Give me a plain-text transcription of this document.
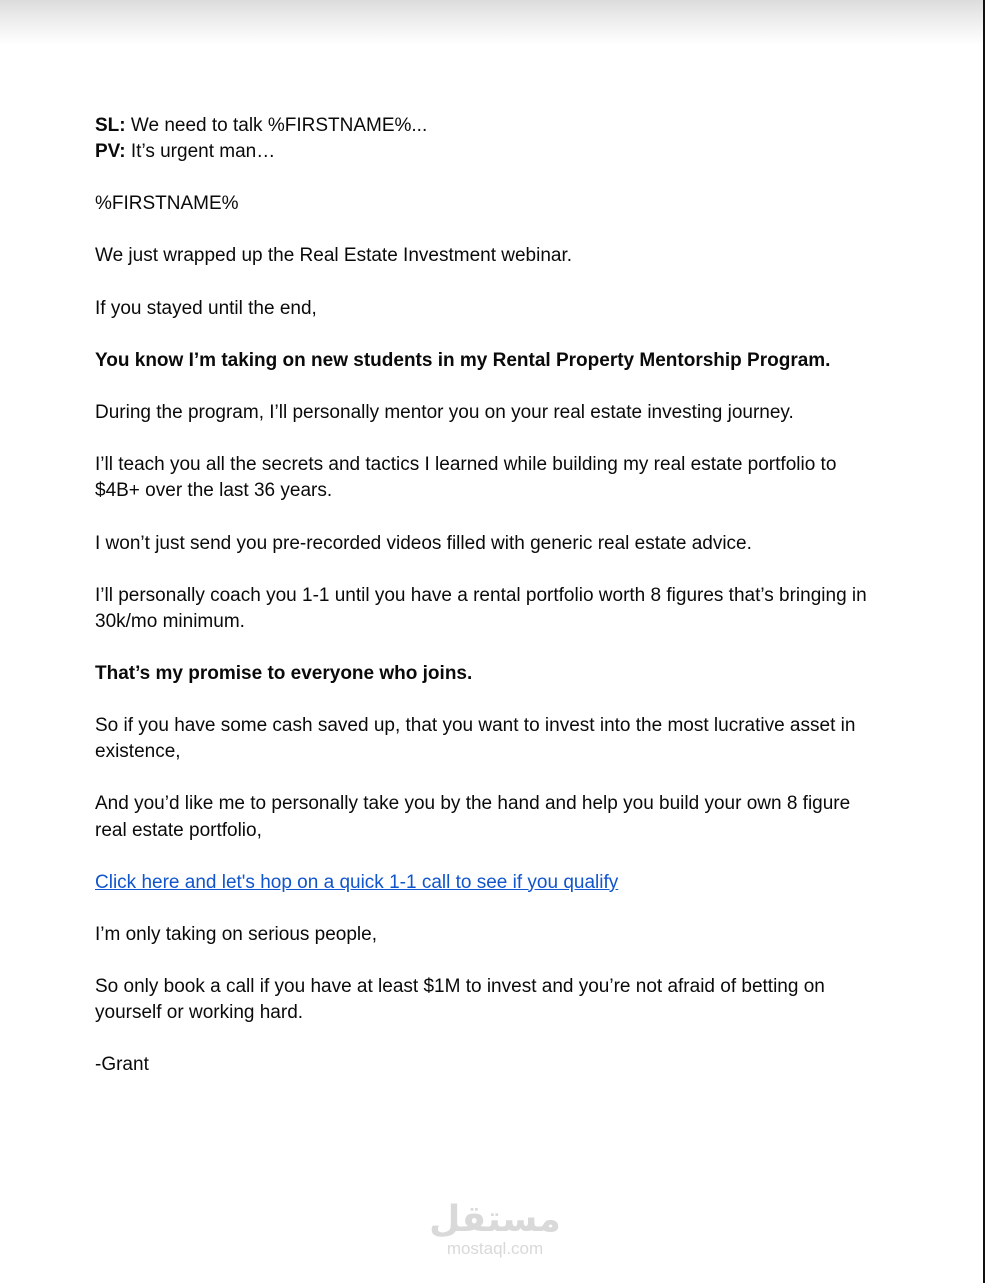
SL: We need to talk %FIRSTNAME%...

PV: It’s urgent man…

%FIRSTNAME%

We just wrapped up the Real Estate Investment webinar.

If you stayed until the end,

You know I’m taking on new students in my Rental Property Mentorship Program.

During the program, I’ll personally mentor you on your real estate investing journey.

I’ll teach you all the secrets and tactics I learned while building my real estate portfolio to $4B+ over the last 36 years.

I won’t just send you pre-recorded videos filled with generic real estate advice.

I’ll personally coach you 1-1 until you have a rental portfolio worth 8 figures that’s bringing in 30k/mo minimum.

That’s my promise to everyone who joins.

So if you have some cash saved up, that you want to invest into the most lucrative asset in existence,

And you’d like me to personally take you by the hand and help you build your own 8 figure real estate portfolio,

Click here and let's hop on a quick 1-1 call to see if you qualify

I’m only taking on serious people,

So only book a call if you have at least $1M to invest and you’re not afraid of betting on yourself or working hard.

-Grant

مستقل
mostaql.com
